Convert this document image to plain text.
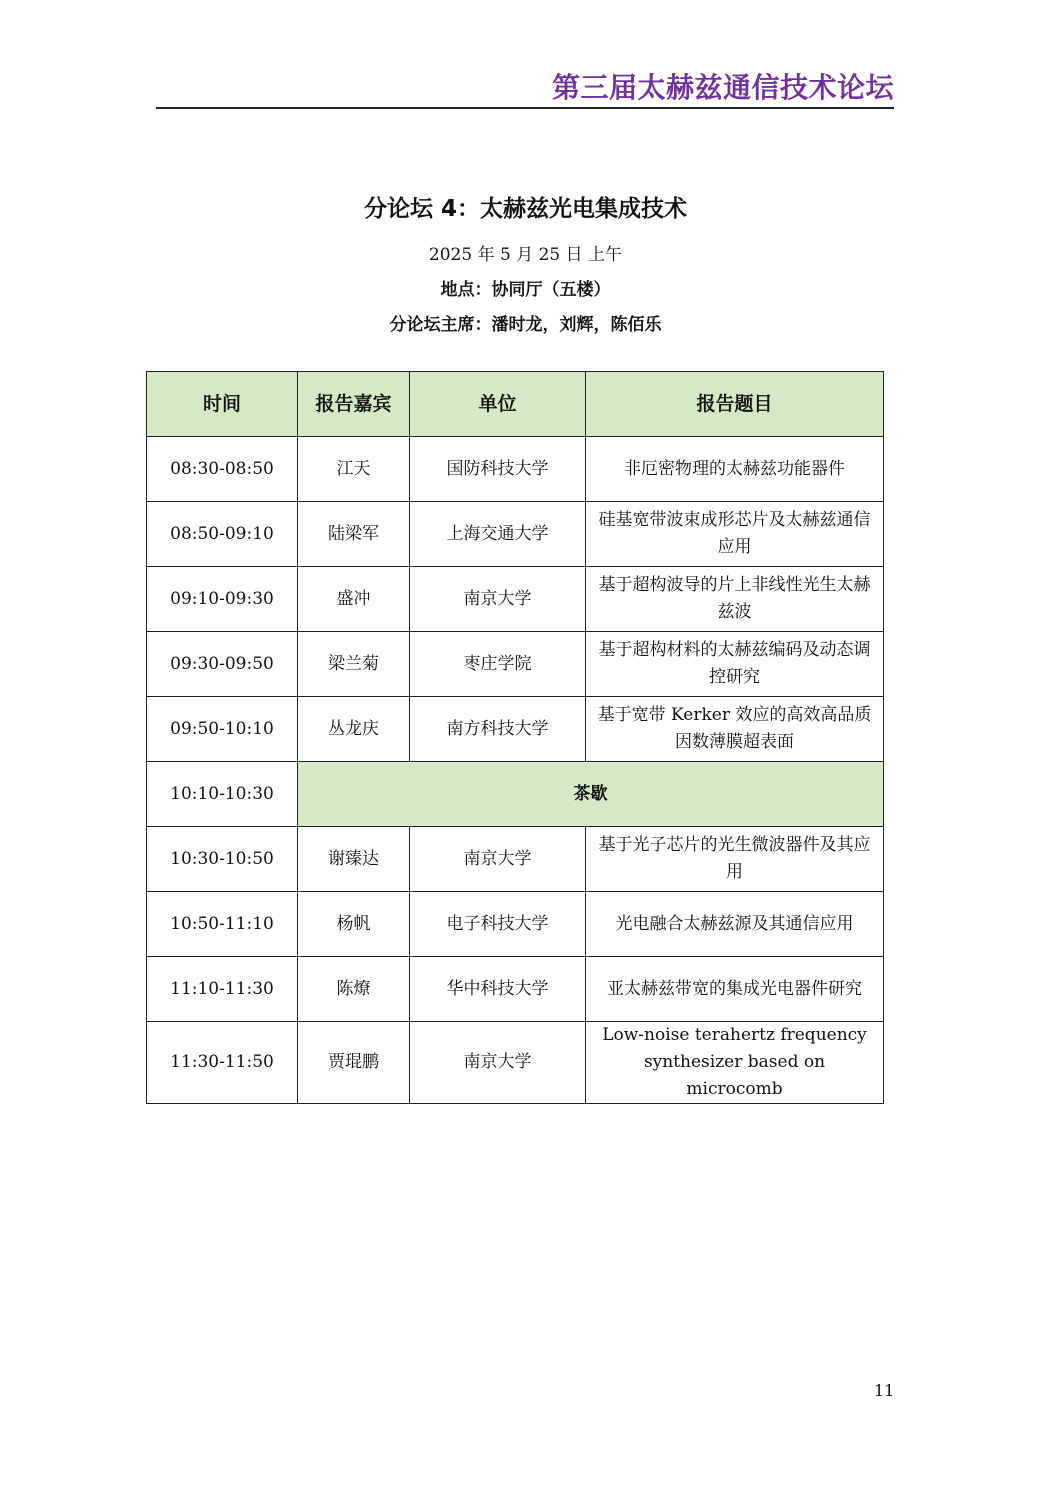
第三届太赫兹通信技术论坛
分论坛 4：太赫兹光电集成技术
2025 年 5 月 25 日 上午
地点：协同厅（五楼）
分论坛主席：潘时龙，刘辉，陈佰乐
时间	报告嘉宾	单位	报告题目
08:30-08:50	江天	国防科技大学	非厄密物理的太赫兹功能器件
08:50-09:10	陆梁军	上海交通大学	硅基宽带波束成形芯片及太赫兹通信应用
09:10-09:30	盛冲	南京大学	基于超构波导的片上非线性光生太赫兹波
09:30-09:50	梁兰菊	枣庄学院	基于超构材料的太赫兹编码及动态调控研究
09:50-10:10	丛龙庆	南方科技大学	基于宽带 Kerker 效应的高效高品质因数薄膜超表面
10:10-10:30	茶歇		
10:30-10:50	谢臻达	南京大学	基于光子芯片的光生微波器件及其应用
10:50-11:10	杨帆	电子科技大学	光电融合太赫兹源及其通信应用
11:10-11:30	陈燎	华中科技大学	亚太赫兹带宽的集成光电器件研究
11:30-11:50	贾琨鹏	南京大学	Low-noise terahertz frequency synthesizer based on microcomb
11
